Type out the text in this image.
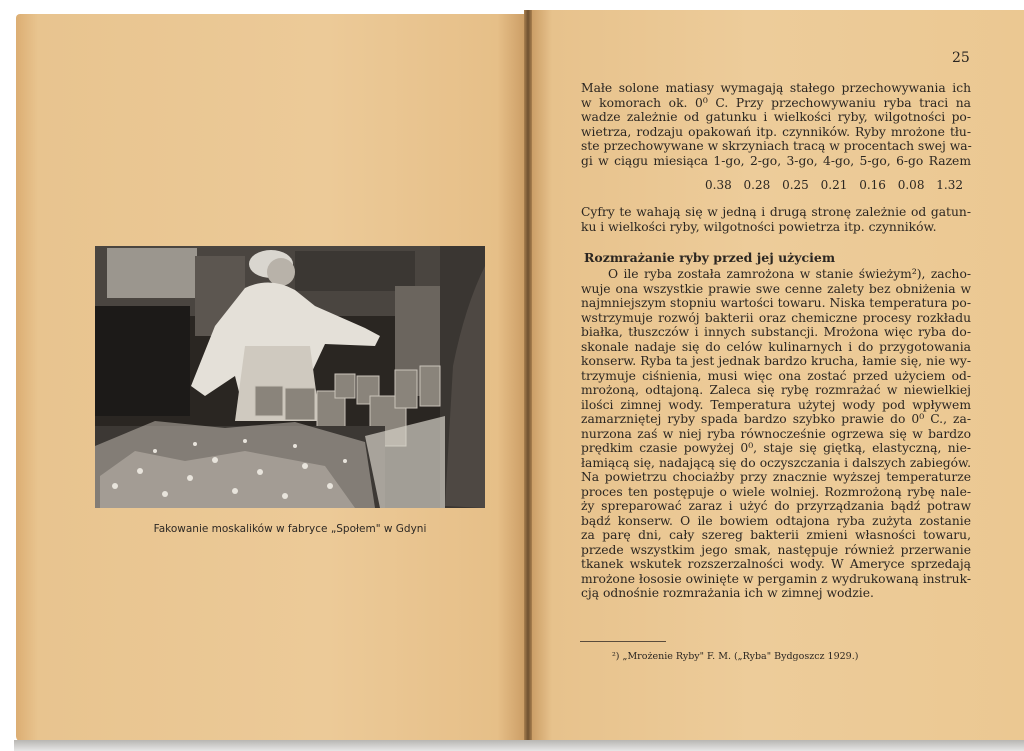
Fakowanie moskalików w fabryce „Społem" w Gdyni
25
Małe solone matiasy wymagają stałego przechowywania ich
w komorach ok. 0⁰ C. Przy przechowywaniu ryba traci na
wadze zależnie od gatunku i wielkości ryby, wilgotności po-
wietrza, rodzaju opakowań itp. czynników. Ryby mrożone tłu-
ste przechowywane w skrzyniach tracą w procentach swej wa-
gi w ciągu miesiąca 1-go, 2-go, 3-go, 4-go, 5-go, 6-go Razem
0.38 0.28 0.25 0.21 0.16 0.08 1.32
Cyfry te wahają się w jedną i drugą stronę zależnie od gatun-
ku i wielkości ryby, wilgotności powietrza itp. czynników.
Rozmrażanie ryby przed jej użyciem
O ile ryba została zamrożona w stanie świeżym²), zacho-
wuje ona wszystkie prawie swe cenne zalety bez obniżenia w
najmniejszym stopniu wartości towaru. Niska temperatura po-
wstrzymuje rozwój bakterii oraz chemiczne procesy rozkładu
białka, tłuszczów i innych substancji. Mrożona więc ryba do-
skonale nadaje się do celów kulinarnych i do przygotowania
konserw. Ryba ta jest jednak bardzo krucha, łamie się, nie wy-
trzymuje ciśnienia, musi więc ona zostać przed użyciem od-
mrożoną, odtajoną. Zaleca się rybę rozmrażać w niewielkiej
ilości zimnej wody. Temperatura użytej wody pod wpływem
zamarzniętej ryby spada bardzo szybko prawie do 0⁰ C., za-
nurzona zaś w niej ryba równocześnie ogrzewa się w bardzo
prędkim czasie powyżej 0⁰, staje się giętką, elastyczną, nie-
łamiącą się, nadającą się do oczyszczania i dalszych zabiegów.
Na powietrzu chociażby przy znacznie wyższej temperaturze
proces ten postępuje o wiele wolniej. Rozmrożoną rybę nale-
ży spreparować zaraz i użyć do przyrządzania bądź potraw
bądź konserw. O ile bowiem odtajona ryba zużyta zostanie
za parę dni, cały szereg bakterii zmieni własności towaru,
przede wszystkim jego smak, następuje również przerwanie
tkanek wskutek rozszerzalności wody. W Ameryce sprzedają
mrożone łososie owinięte w pergamin z wydrukowaną instruk-
cją odnośnie rozmrażania ich w zimnej wodzie.
²) „Mrożenie Ryby" F. M. („Ryba" Bydgoszcz 1929.)
